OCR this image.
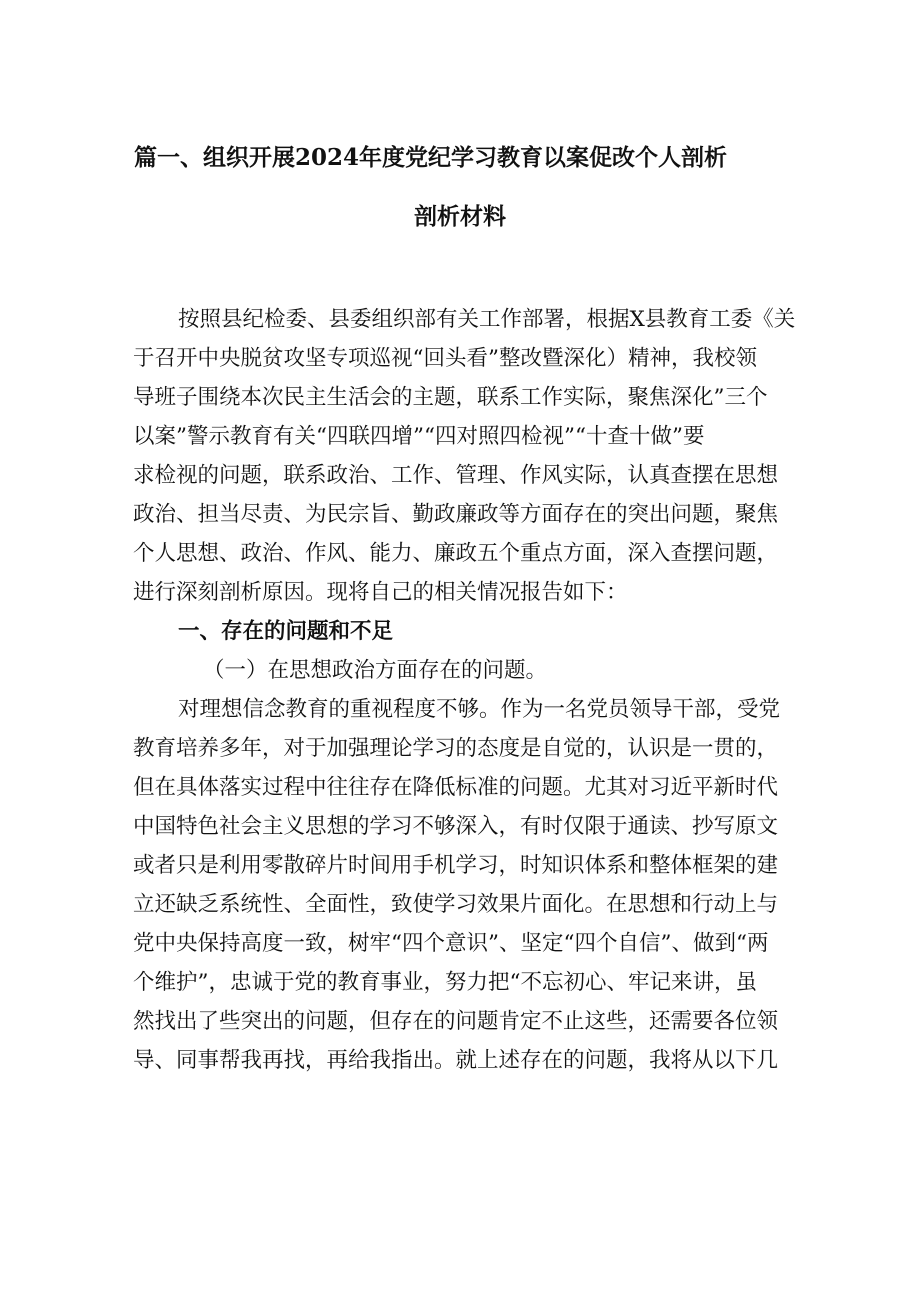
篇一、组织开展2024年度党纪学习教育以案促改个人剖析
剖析材料
按照县纪检委、县委组织部有关工作部署，根据X县教育工委《关
于召开中央脱贫攻坚专项巡视“回头看”整改暨深化）精神，我校领
导班子围绕本次民主生活会的主题，联系工作实际，聚焦深化”三个
以案”警示教育有关“四联四增”“四对照四检视”“十查十做”要
求检视的问题，联系政治、工作、管理、作风实际，认真查摆在思想
政治、担当尽责、为民宗旨、勤政廉政等方面存在的突出问题，聚焦
个人思想、政治、作风、能力、廉政五个重点方面，深入查摆问题，
进行深刻剖析原因。现将自己的相关情况报告如下：
一、存在的问题和不足
（一）在思想政治方面存在的问题。
对理想信念教育的重视程度不够。作为一名党员领导干部，受党
教育培养多年，对于加强理论学习的态度是自觉的，认识是一贯的，
但在具体落实过程中往往存在降低标准的问题。尤其对习近平新时代
中国特色社会主义思想的学习不够深入，有时仅限于通读、抄写原文
或者只是利用零散碎片时间用手机学习，时知识体系和整体框架的建
立还缺乏系统性、全面性，致使学习效果片面化。在思想和行动上与
党中央保持高度一致，树牢“四个意识”、坚定“四个自信”、做到“两
个维护”，忠诚于党的教育事业，努力把“不忘初心、牢记来讲，虽
然找出了些突出的问题，但存在的问题肯定不止这些，还需要各位领
导、同事帮我再找，再给我指出。就上述存在的问题，我将从以下几
